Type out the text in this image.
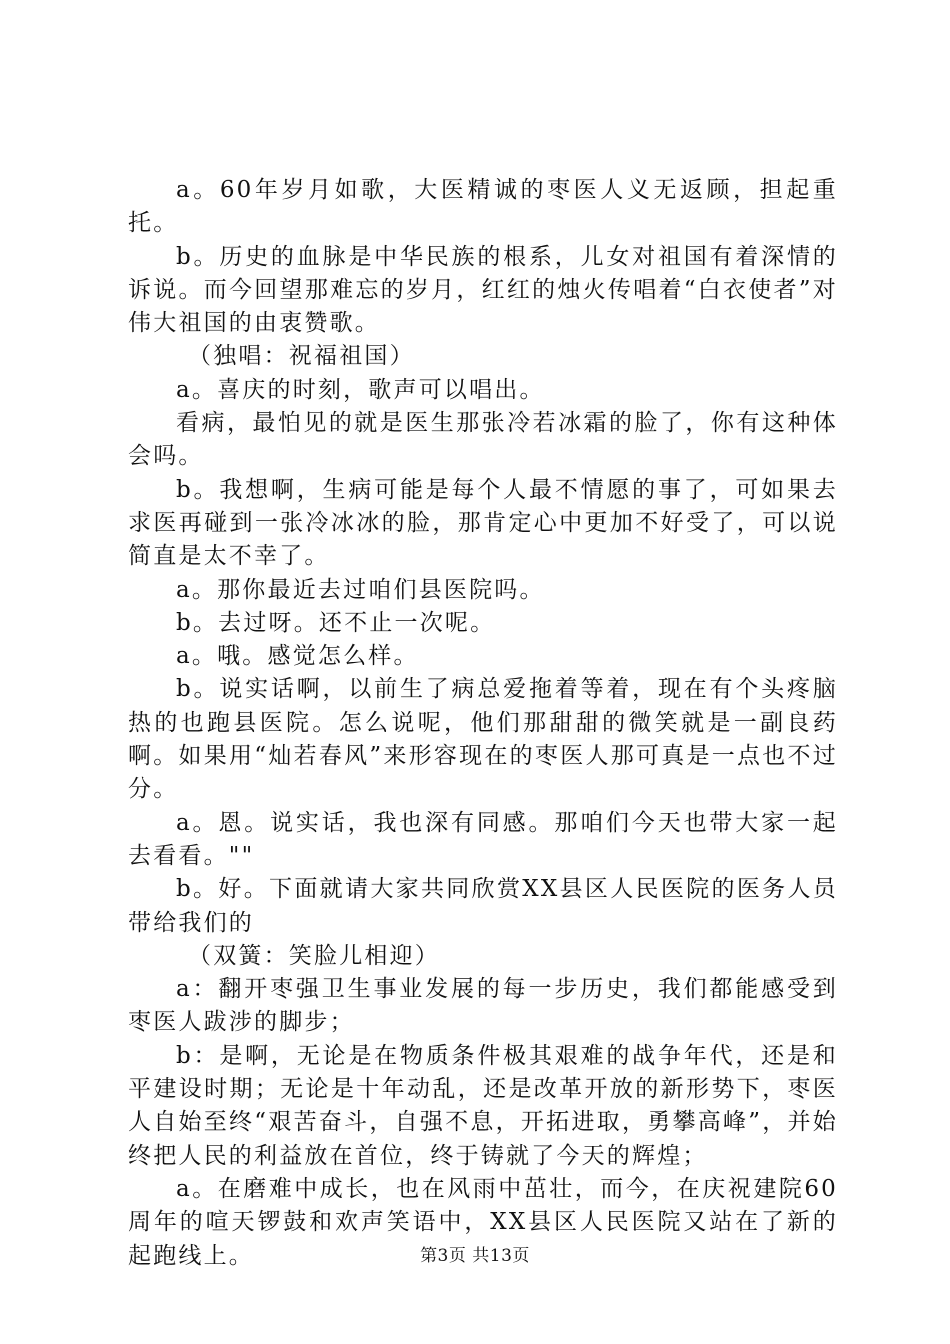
a。60年岁月如歌，大医精诚的枣医人义无返顾，担起重托。

b。历史的血脉是中华民族的根系，儿女对祖国有着深情的诉说。而今回望那难忘的岁月，红红的烛火传唱着“白衣使者”对伟大祖国的由衷赞歌。

（独唱：祝福祖国）

a。喜庆的时刻，歌声可以唱出。

看病，最怕见的就是医生那张冷若冰霜的脸了，你有这种体会吗。

b。我想啊，生病可能是每个人最不情愿的事了，可如果去求医再碰到一张冷冰冰的脸，那肯定心中更加不好受了，可以说简直是太不幸了。

a。那你最近去过咱们县医院吗。

b。去过呀。还不止一次呢。

a。哦。感觉怎么样。

b。说实话啊，以前生了病总爱拖着等着，现在有个头疼脑热的也跑县医院。怎么说呢，他们那甜甜的微笑就是一副良药啊。如果用“灿若春风”来形容现在的枣医人那可真是一点也不过分。

a。恩。说实话，我也深有同感。那咱们今天也带大家一起去看看。""

b。好。下面就请大家共同欣赏XX县区人民医院的医务人员带给我们的

（双簧：笑脸儿相迎）

a：翻开枣强卫生事业发展的每一步历史，我们都能感受到枣医人跋涉的脚步；

b：是啊，无论是在物质条件极其艰难的战争年代，还是和平建设时期；无论是十年动乱，还是改革开放的新形势下，枣医人自始至终“艰苦奋斗，自强不息，开拓进取，勇攀高峰”，并始终把人民的利益放在首位，终于铸就了今天的辉煌；

a。在磨难中成长，也在风雨中茁壮，而今，在庆祝建院60周年的喧天锣鼓和欢声笑语中，XX县区人民医院又站在了新的起跑线上。	第3页 共13页
